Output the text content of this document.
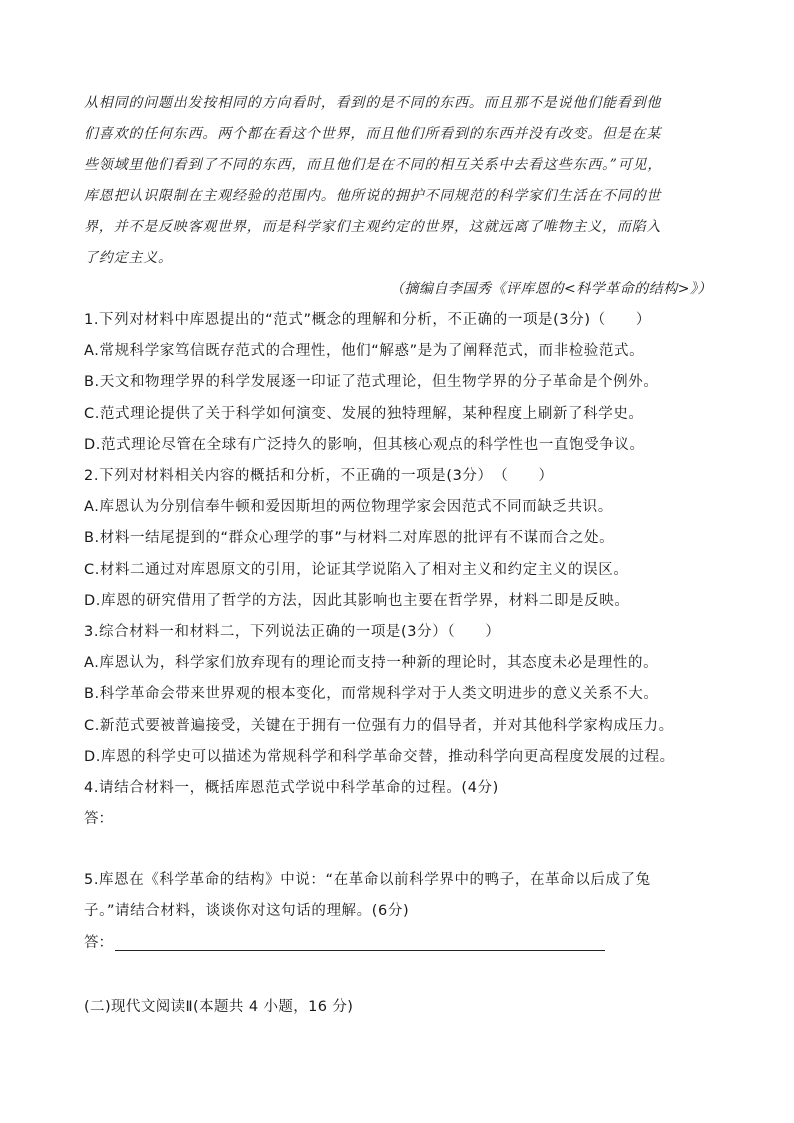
从相同的问题出发按相同的方向看时，看到的是不同的东西。而且那不是说他们能看到他

们喜欢的任何东西。两个都在看这个世界，而且他们所看到的东西并没有改变。但是在某

些领域里他们看到了不同的东西，而且他们是在不同的相互关系中去看这些东西。”可见，

库恩把认识限制在主观经验的范围内。他所说的拥护不同规范的科学家们生活在不同的世

界，并不是反映客观世界，而是科学家们主观约定的世界，这就远离了唯物主义，而陷入

了约定主义。

（摘编自李国秀《评库恩的<科学革命的结构>》）

1.下列对材料中库恩提出的“范式”概念的理解和分析，不正确的一项是(3分)（　　）

A.常规科学家笃信既存范式的合理性，他们“解惑”是为了阐释范式，而非检验范式。

B.天文和物理学界的科学发展逐一印证了范式理论，但生物学界的分子革命是个例外。

C.范式理论提供了关于科学如何演变、发展的独特理解，某种程度上刷新了科学史。

D.范式理论尽管在全球有广泛持久的影响，但其核心观点的科学性也一直饱受争议。

2.下列对材料相关内容的概括和分析，不正确的一项是(3分）　（　　）

A.库恩认为分别信奉牛顿和爱因斯坦的两位物理学家会因范式不同而缺乏共识。

B.材料一结尾提到的“群众心理学的事”与材料二对库恩的批评有不谋而合之处。

C.材料二通过对库恩原文的引用，论证其学说陷入了相对主义和约定主义的误区。

D.库恩的研究借用了哲学的方法，因此其影响也主要在哲学界，材料二即是反映。

3.综合材料一和材料二，下列说法正确的一项是(3分）（　　）

A.库恩认为，科学家们放弃现有的理论而支持一种新的理论时，其态度未必是理性的。

B.科学革命会带来世界观的根本变化，而常规科学对于人类文明进步的意义关系不大。

C.新范式要被普遍接受，关键在于拥有一位强有力的倡导者，并对其他科学家构成压力。

D.库恩的科学史可以描述为常规科学和科学革命交替，推动科学向更高程度发展的过程。

4.请结合材料一，概括库恩范式学说中科学革命的过程。(4分)

答：

5.库恩在《科学革命的结构》中说：“在革命以前科学界中的鸭子，在革命以后成了兔

子。”请结合材料，谈谈你对这句话的理解。(6分)

答：

(二)现代文阅读Ⅱ(本题共 4 小题，16 分)
